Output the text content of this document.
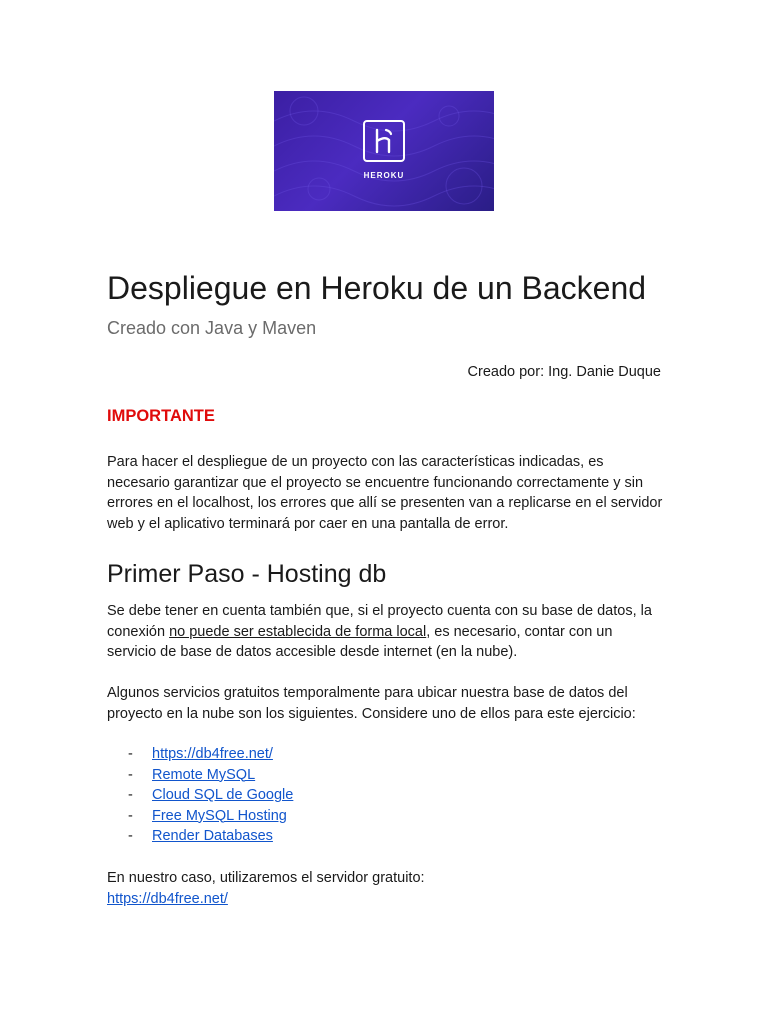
HEROKU
Despliegue en Heroku de un Backend

Creado con Java y Maven

Creado por: Ing. Danie Duque

IMPORTANTE

Para hacer el despliegue de un proyecto con las características indicadas, es necesario garantizar que el proyecto se encuentre funcionando correctamente y sin errores en el localhost, los errores que allí se presenten van a replicarse en el servidor web y el aplicativo terminará por caer en una pantalla de error.

Primer Paso - Hosting db

Se debe tener en cuenta también que, si el proyecto cuenta con su base de datos, la conexión no puede ser establecida de forma local, es necesario, contar con un servicio de base de datos accesible desde internet (en la nube).

Algunos servicios gratuitos temporalmente para ubicar nuestra base de datos del proyecto en la nube son los siguientes. Considere uno de ellos para este ejercicio:

- https://db4free.net/
- Remote MySQL
- Cloud SQL de Google
- Free MySQL Hosting
- Render Databases

En nuestro caso, utilizaremos el servidor gratuito:
https://db4free.net/
